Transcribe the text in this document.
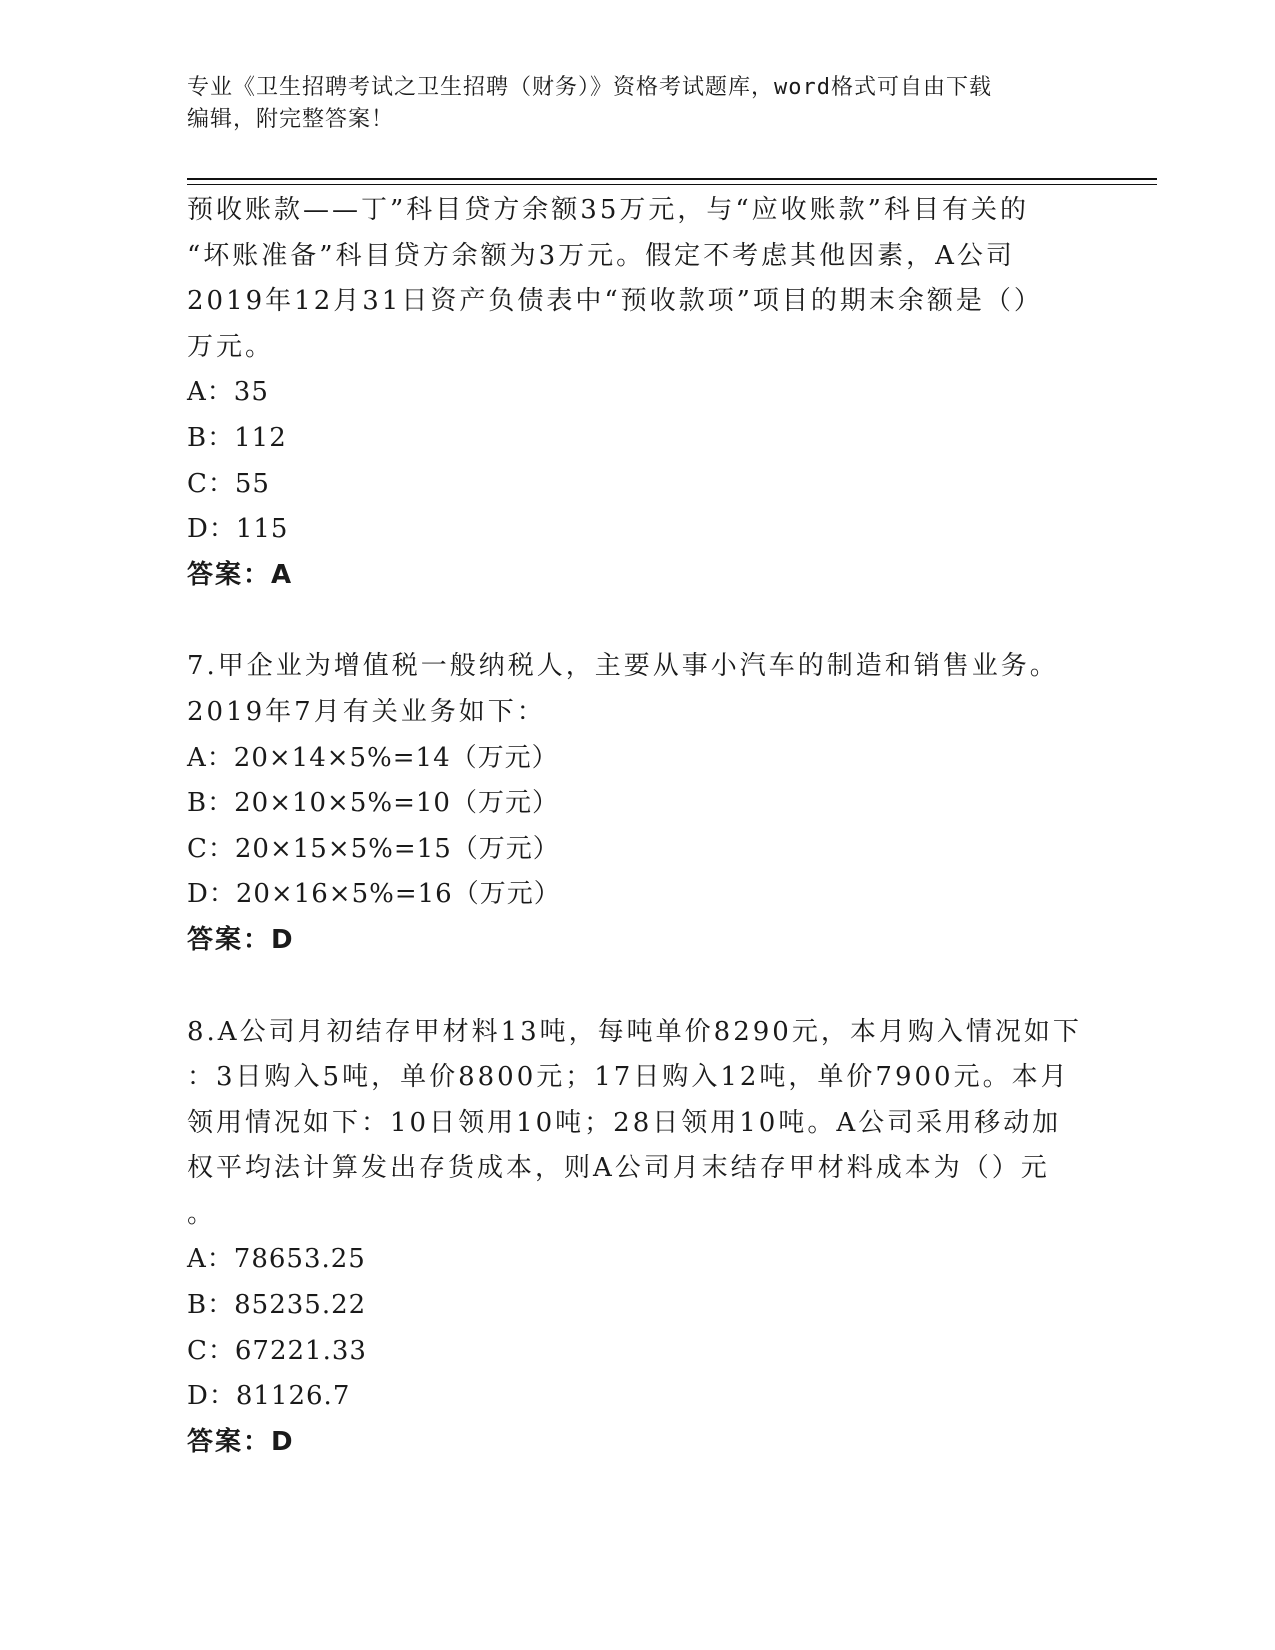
专业《卫生招聘考试之卫生招聘（财务）》资格考试题库，word格式可自由下载
编辑，附完整答案！
预收账款——丁”科目贷方余额35万元，与“应收账款”科目有关的
“坏账准备”科目贷方余额为3万元。假定不考虑其他因素，A公司
2019年12月31日资产负债表中“预收款项”项目的期末余额是（）
万元。
A：35
B：112
C：55
D：115
答案：A
7.甲企业为增值税一般纳税人，主要从事小汽车的制造和销售业务。
2019年7月有关业务如下：
A：20×14×5%=14（万元）
B：20×10×5%=10（万元）
C：20×15×5%=15（万元）
D：20×16×5%=16（万元）
答案：D
8.A公司月初结存甲材料13吨，每吨单价8290元，本月购入情况如下
：3日购入5吨，单价8800元；17日购入12吨，单价7900元。本月
领用情况如下：10日领用10吨；28日领用10吨。A公司采用移动加
权平均法计算发出存货成本，则A公司月末结存甲材料成本为（）元
。
A：78653.25
B：85235.22
C：67221.33
D：81126.7
答案：D
